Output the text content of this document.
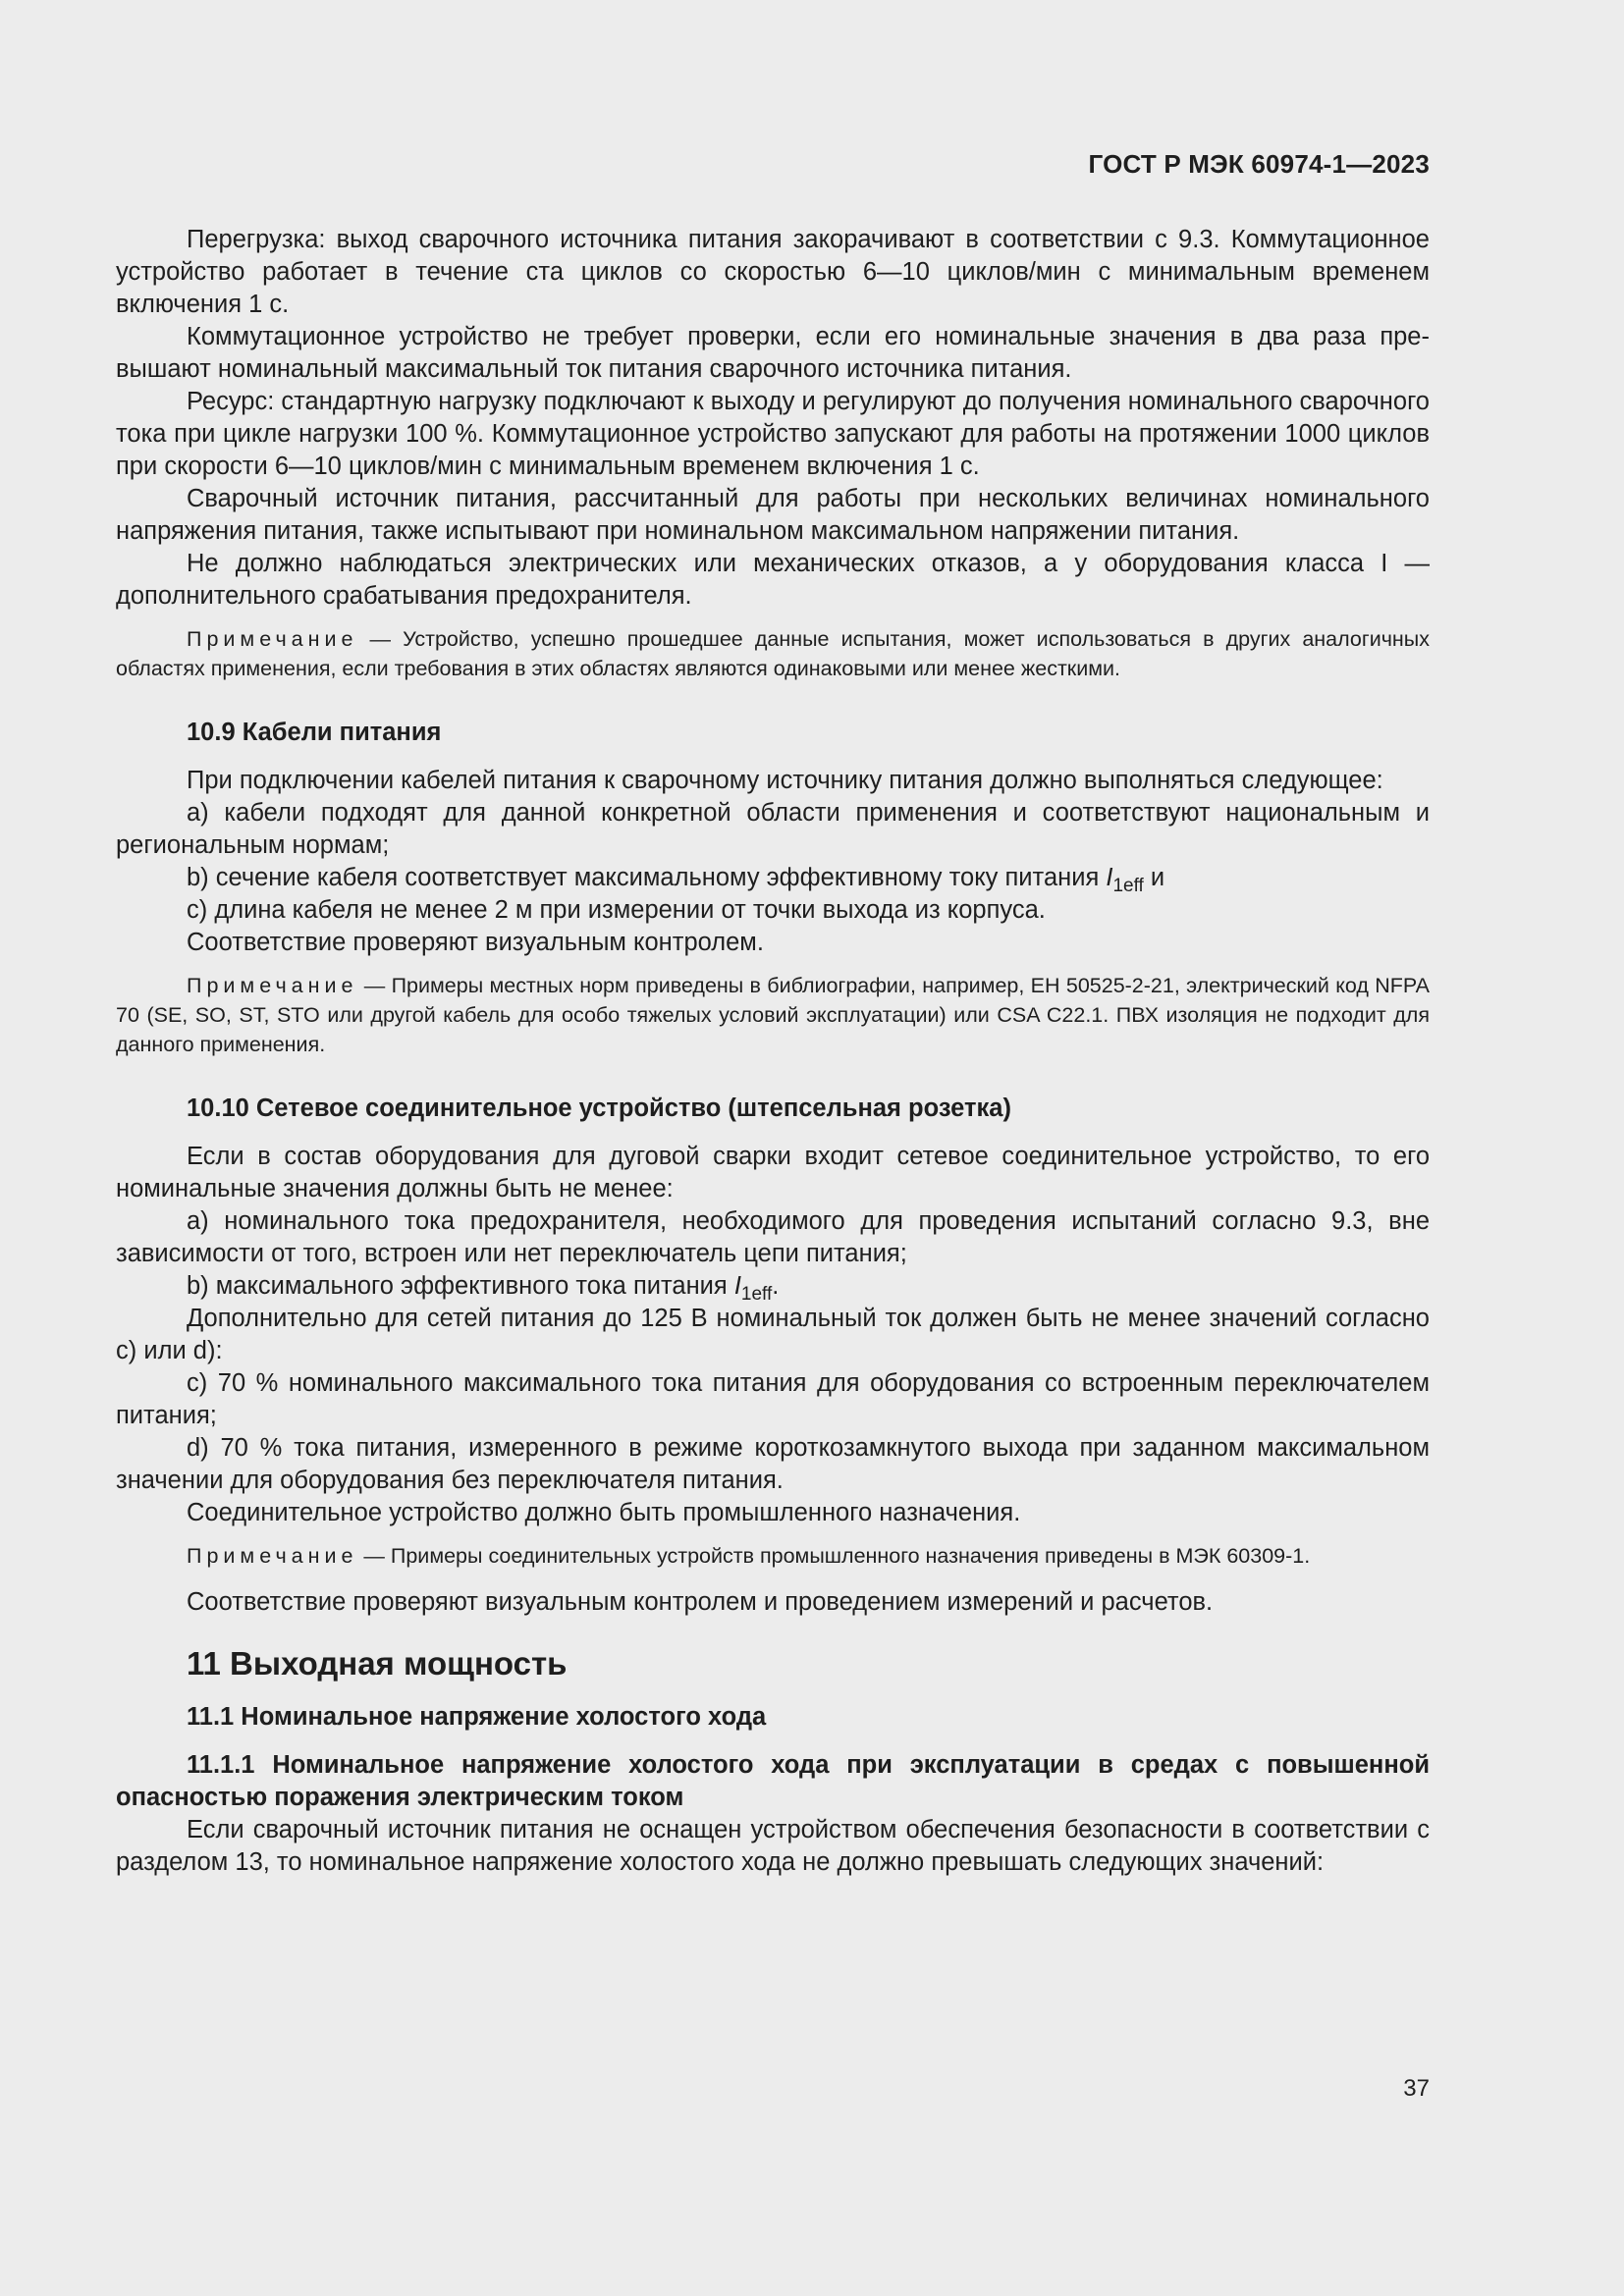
ГОСТ Р МЭК 60974-1—2023

Перегрузка: выход сварочного источника питания закорачивают в соответствии с 9.3. Коммутационное устройство работает в течение ста циклов со скоростью 6—10 циклов/мин с минимальным временем включения 1 с.

Коммутационное устройство не требует проверки, если его номинальные значения в два раза превышают номинальный максимальный ток питания сварочного источника питания.

Ресурс: стандартную нагрузку подключают к выходу и регулируют до получения номинального сварочного тока при цикле нагрузки 100 %. Коммутационное устройство запускают для работы на протяжении 1000 циклов при скорости 6—10 циклов/мин с минимальным временем включения 1 с.

Сварочный источник питания, рассчитанный для работы при нескольких величинах номинального напряжения питания, также испытывают при номинальном максимальном напряжении питания.

Не должно наблюдаться электрических или механических отказов, а у оборудования класса I — дополнительного срабатывания предохранителя.

Примечание — Устройство, успешно прошедшее данные испытания, может использоваться в других аналогичных областях применения, если требования в этих областях являются одинаковыми или менее жесткими.

10.9 Кабели питания

При подключении кабелей питания к сварочному источнику питания должно выполняться следующее:

a) кабели подходят для данной конкретной области применения и соответствуют национальным и региональным нормам;

b) сечение кабеля соответствует максимальному эффективному току питания $I_{1eff}$ и

c) длина кабеля не менее 2 м при измерении от точки выхода из корпуса.

Соответствие проверяют визуальным контролем.

Примечание — Примеры местных норм приведены в библиографии, например, ЕН 50525-2-21, электрический код NFPA 70 (SE, SO, ST, STO или другой кабель для особо тяжелых условий эксплуатации) или CSA C22.1. ПВХ изоляция не подходит для данного применения.

10.10 Сетевое соединительное устройство (штепсельная розетка)

Если в состав оборудования для дуговой сварки входит сетевое соединительное устройство, то его номинальные значения должны быть не менее:

a) номинального тока предохранителя, необходимого для проведения испытаний согласно 9.3, вне зависимости от того, встроен или нет переключатель цепи питания;

b) максимального эффективного тока питания $I_{1eff}$.

Дополнительно для сетей питания до 125 В номинальный ток должен быть не менее значений согласно c) или d):

c) 70 % номинального максимального тока питания для оборудования со встроенным переключателем питания;

d) 70 % тока питания, измеренного в режиме короткозамкнутого выхода при заданном максимальном значении для оборудования без переключателя питания.

Соединительное устройство должно быть промышленного назначения.

Примечание — Примеры соединительных устройств промышленного назначения приведены в МЭК 60309-1.

Соответствие проверяют визуальным контролем и проведением измерений и расчетов.

11 Выходная мощность

11.1 Номинальное напряжение холостого хода

11.1.1 Номинальное напряжение холостого хода при эксплуатации в средах с повышенной опасностью поражения электрическим током

Если сварочный источник питания не оснащен устройством обеспечения безопасности в соответствии с разделом 13, то номинальное напряжение холостого хода не должно превышать следующих значений:

37
